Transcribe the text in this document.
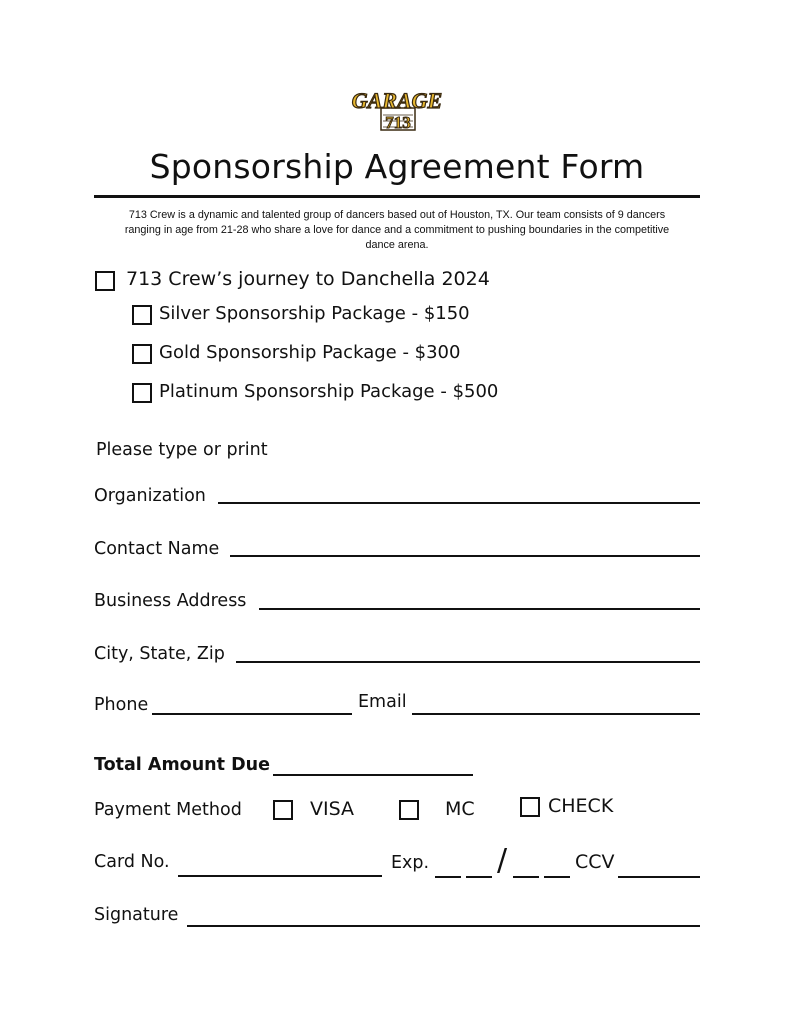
GARAGE
713
Sponsorship Agreement Form
713 Crew is a dynamic and talented group of dancers based out of Houston, TX. Our team consists of 9 dancers ranging in age from 21-28 who share a love for dance and a commitment to pushing boundaries in the competitive dance arena.
713 Crew’s journey to Danchella 2024
Silver Sponsorship Package - $150
Gold Sponsorship Package - $300
Platinum Sponsorship Package - $500
Please type or print
Organization
Contact Name
Business Address
City, State, Zip
Phone	Email
Total Amount Due
Payment Method	VISA	MC	CHECK
Card No.	Exp. /	CCV
Signature
